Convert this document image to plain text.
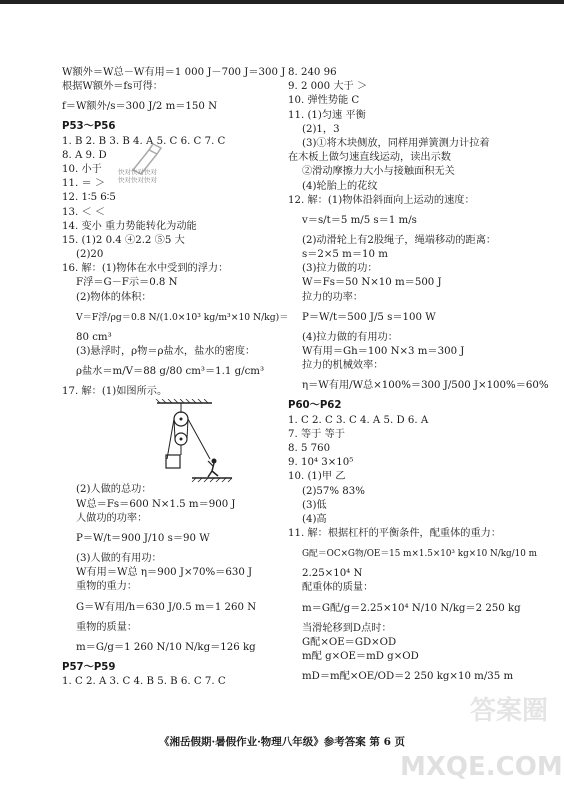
W额外＝W总－W有用＝1 000 J－700 J＝300 J
根据W额外＝fs可得：
f＝W额外/s＝300 J/2 m＝150 N
P53～P56
1. B 2. B 3. B 4. A 5. C 6. C 7. C
8. A 9. D
10. 小于
11. ＝ ＞
12. 1∶5 6∶5
13. ＜ ＜
14. 变小 重力势能转化为动能
15. (1)2 0.4 ④2.2 ⑤5 大
(2)20
16. 解：(1)物体在水中受到的浮力：
F浮＝G－F示＝0.8 N
(2)物体的体积：
V＝F浮/ρg＝0.8 N/(1.0×10³ kg/m³×10 N/kg)＝
80 cm³
(3)悬浮时，ρ物＝ρ盐水，盐水的密度：
ρ盐水＝m/V＝88 g/80 cm³＝1.1 g/cm³
17. 解：(1)如图所示。
(2)人做的总功：
W总＝Fs＝600 N×1.5 m＝900 J
人做功的功率：
P＝W/t＝900 J/10 s＝90 W
(3)人做的有用功：
W有用＝W总 η＝900 J×70%＝630 J
重物的重力：
G＝W有用/h＝630 J/0.5 m＝1 260 N
重物的质量：
m＝G/g＝1 260 N/10 N/kg＝126 kg
P57～P59
1. C 2. A 3. C 4. B 5. B 6. C 7. C
8. 240 96
9. 2 000 大于 ＞
10. 弹性势能 C
11. (1)匀速 平衡
(2)1，3
(3)①将木块侧放，同样用弹簧测力计拉着
在木板上做匀速直线运动，读出示数
②滑动摩擦力大小与接触面积无关
(4)轮胎上的花纹
12. 解：(1)物体沿斜面向上运动的速度：
v＝s/t＝5 m/5 s＝1 m/s
(2)动滑轮上有2股绳子，绳端移动的距离：
s＝2×5 m＝10 m
(3)拉力做的功：
W＝Fs＝50 N×10 m＝500 J
拉力的功率：
P＝W/t＝500 J/5 s＝100 W
(4)拉力做的有用功：
W有用＝Gh＝100 N×3 m＝300 J
拉力的机械效率：
η＝W有用/W总×100%＝300 J/500 J×100%＝60%
P60～P62
1. C 2. C 3. C 4. A 5. D 6. A
7. 等于 等于
8. 5 760
9. 10⁴ 3×10⁵
10. (1)甲 乙
(2)57% 83%
(3)低
(4)高
11. 解：根据杠杆的平衡条件，配重体的重力：
G配＝OC×G物/OE＝15 m×1.5×10³ kg×10 N/kg/10 m
2.25×10⁴ N
配重体的质量：
m＝G配/g＝2.25×10⁴ N/10 N/kg＝2 250 kg
当滑轮移到D点时：
G配×OE＝GD×OD
m配 g×OE＝mD g×OD
mD＝m配×OE/OD＝2 250 kg×10 m/35 m
快对快对快对
快对快对快对
答案圈
MXQE.COM
《湘岳假期·暑假作业·物理八年级》参考答案 第 6 页
